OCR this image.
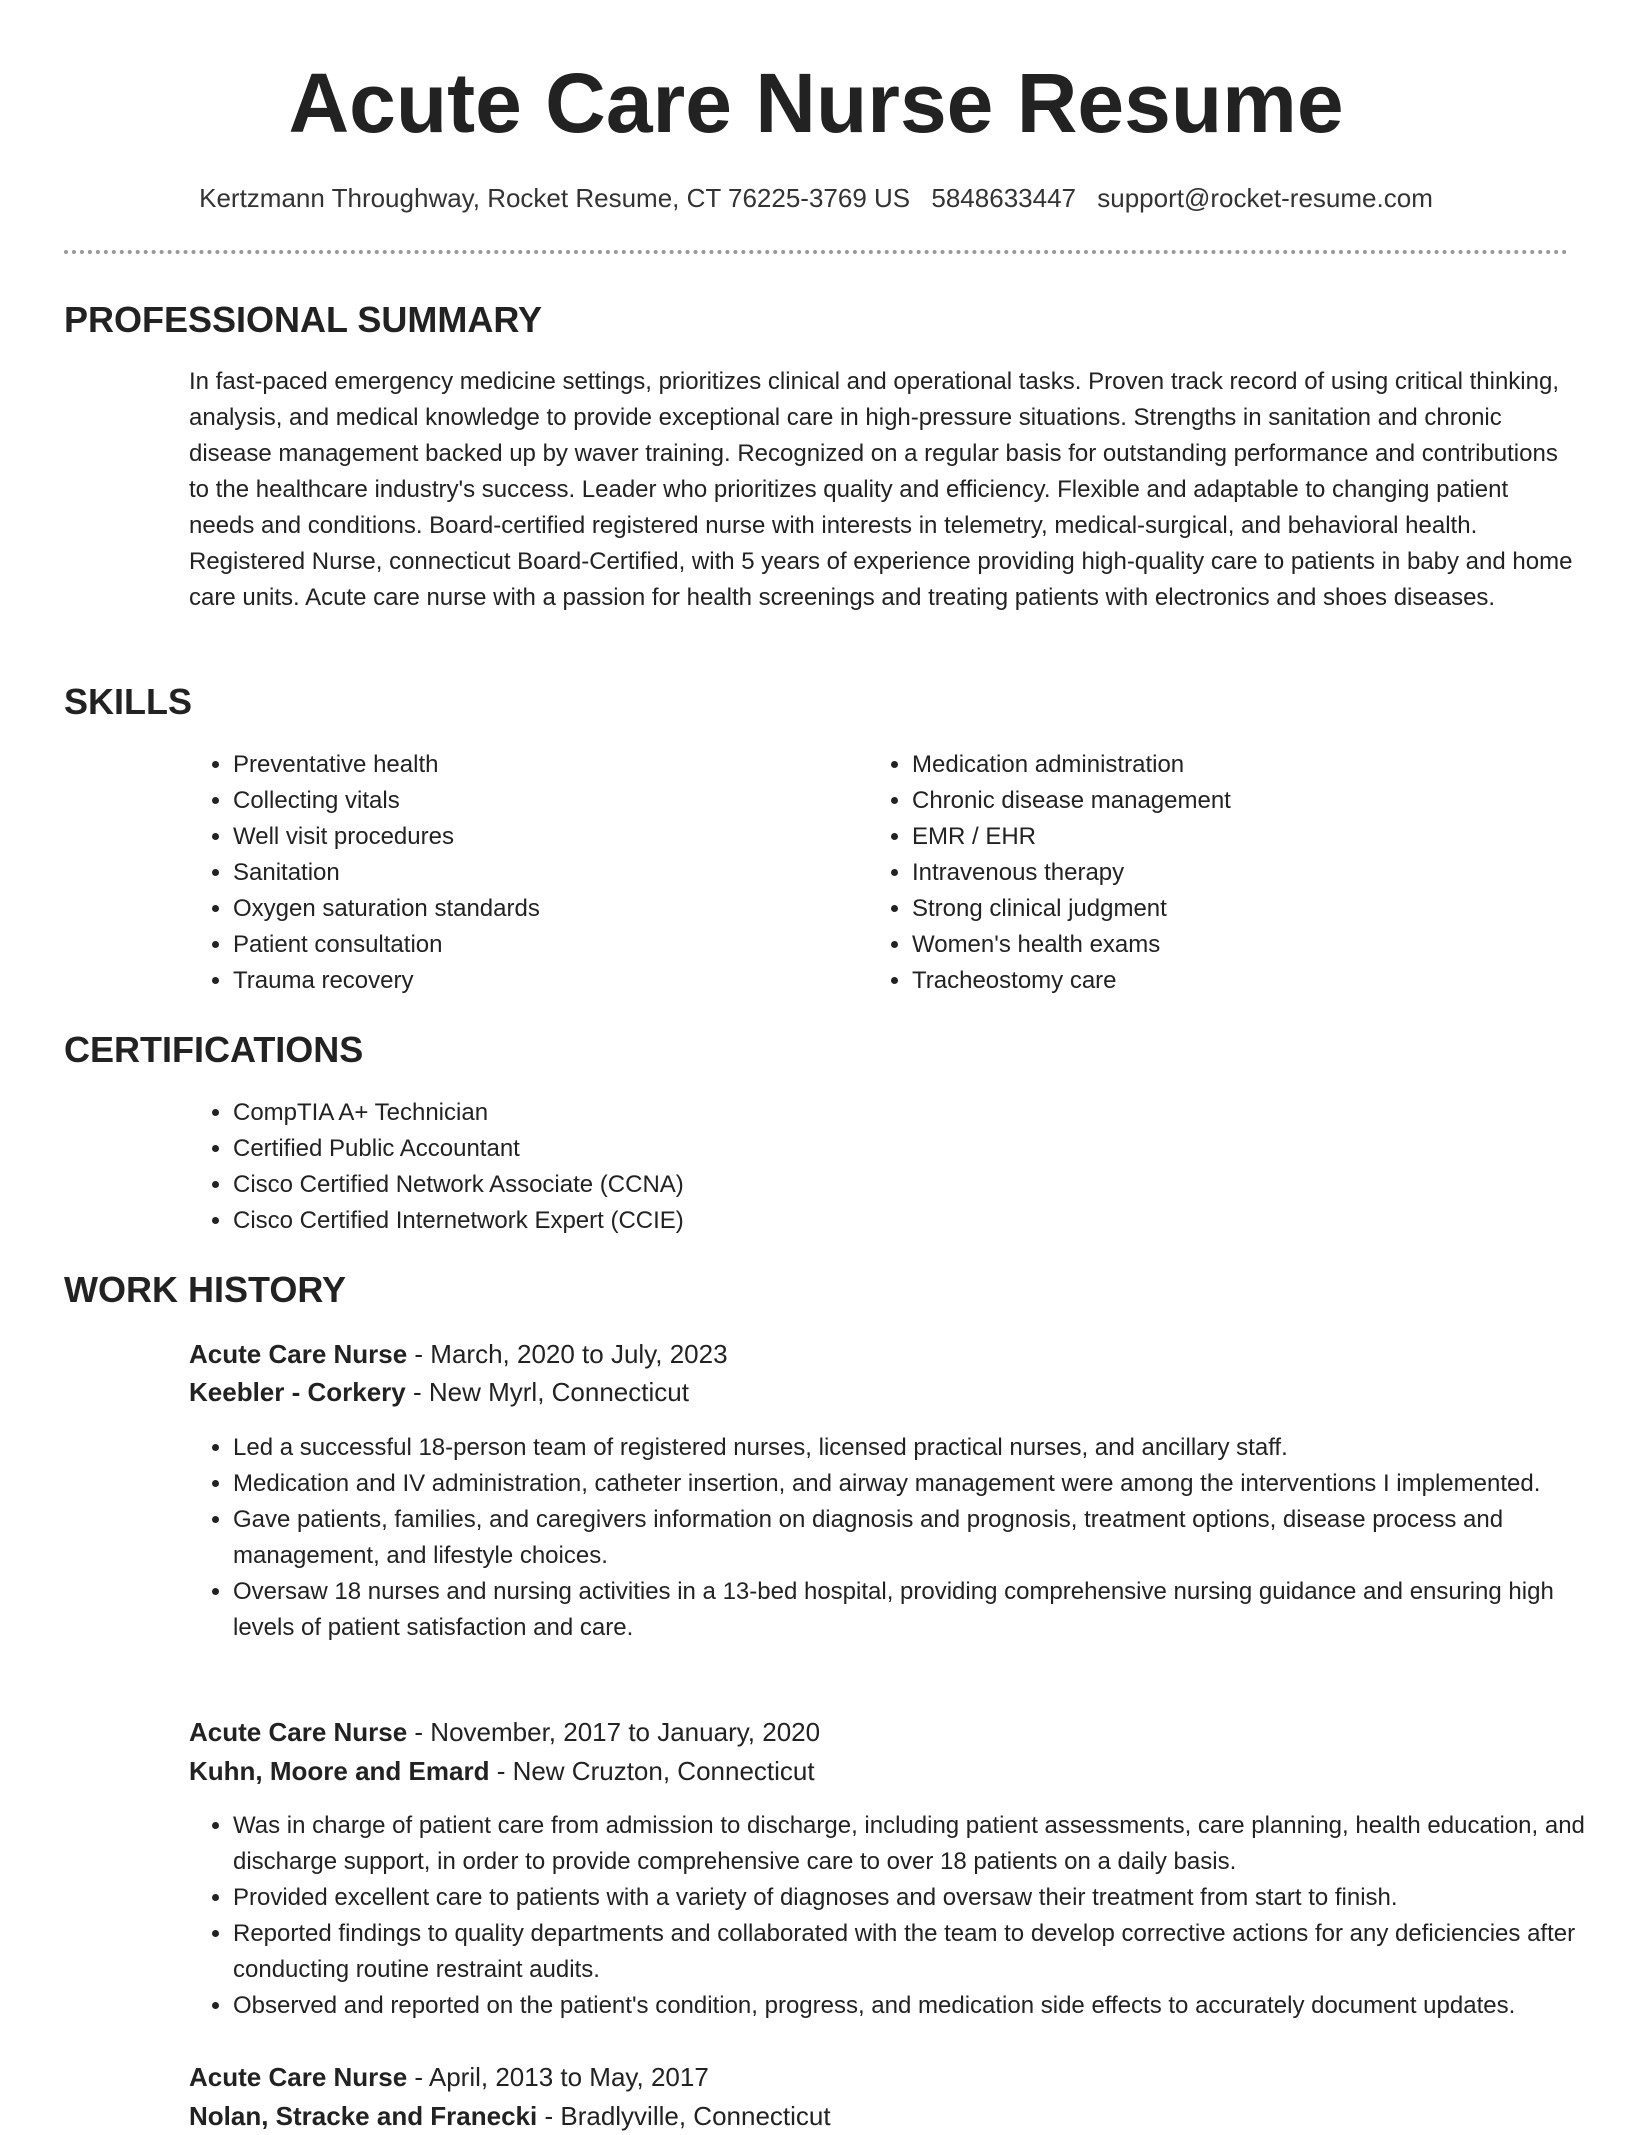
Acute Care Nurse Resume
Kertzmann Throughway, Rocket Resume, CT 76225-3769 US 5848633447 support@rocket-resume.com
PROFESSIONAL SUMMARY

In fast-paced emergency medicine settings, prioritizes clinical and operational tasks. Proven track record of using critical thinking, analysis, and medical knowledge to provide exceptional care in high-pressure situations. Strengths in sanitation and chronic disease management backed up by waver training. Recognized on a regular basis for outstanding performance and contributions to the healthcare industry's success. Leader who prioritizes quality and efficiency. Flexible and adaptable to changing patient needs and conditions. Board-certified registered nurse with interests in telemetry, medical-surgical, and behavioral health. Registered Nurse, connecticut Board-Certified, with 5 years of experience providing high-quality care to patients in baby and home care units. Acute care nurse with a passion for health screenings and treating patients with electronics and shoes diseases.

SKILLS
• Preventative health
• Collecting vitals
• Well visit procedures
• Sanitation
• Oxygen saturation standards
• Patient consultation
• Trauma recovery
• Medication administration
• Chronic disease management
• EMR / EHR
• Intravenous therapy
• Strong clinical judgment
• Women's health exams
• Tracheostomy care
CERTIFICATIONS
• CompTIA A+ Technician
• Certified Public Accountant
• Cisco Certified Network Associate (CCNA)
• Cisco Certified Internetwork Expert (CCIE)
WORK HISTORY
Acute Care Nurse - March, 2020 to July, 2023
Keebler - Corkery - New Myrl, Connecticut
• Led a successful 18-person team of registered nurses, licensed practical nurses, and ancillary staff.
• Medication and IV administration, catheter insertion, and airway management were among the interventions I implemented.
• Gave patients, families, and caregivers information on diagnosis and prognosis, treatment options, disease process and management, and lifestyle choices.
• Oversaw 18 nurses and nursing activities in a 13-bed hospital, providing comprehensive nursing guidance and ensuring high levels of patient satisfaction and care.
Acute Care Nurse - November, 2017 to January, 2020
Kuhn, Moore and Emard - New Cruzton, Connecticut
• Was in charge of patient care from admission to discharge, including patient assessments, care planning, health education, and discharge support, in order to provide comprehensive care to over 18 patients on a daily basis.
• Provided excellent care to patients with a variety of diagnoses and oversaw their treatment from start to finish.
• Reported findings to quality departments and collaborated with the team to develop corrective actions for any deficiencies after conducting routine restraint audits.
• Observed and reported on the patient's condition, progress, and medication side effects to accurately document updates.
Acute Care Nurse - April, 2013 to May, 2017
Nolan, Stracke and Franecki - Bradlyville, Connecticut
